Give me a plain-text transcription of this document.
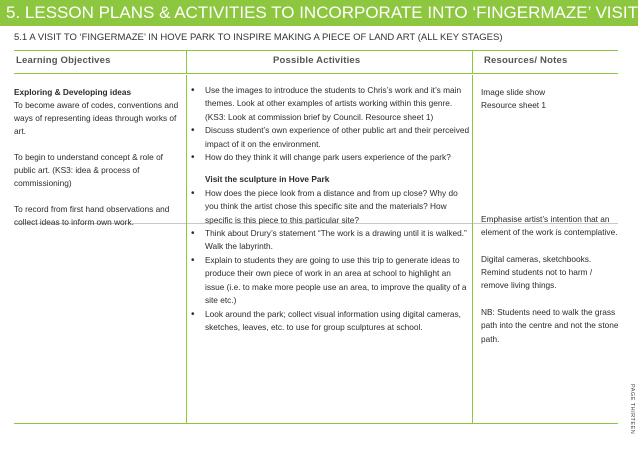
5. LESSON PLANS & ACTIVITIES TO INCORPORATE INTO ‘FINGERMAZE’ VISIT
5.1 A VISIT TO ‘FINGERMAZE’ IN HOVE PARK TO INSPIRE MAKING A PIECE OF LAND ART (ALL KEY STAGES)
Learning Objectives	Possible Activities	Resources/ Notes

Exploring & Developing ideas
To become aware of codes, conventions and ways of representing ideas through works of art.

To begin to understand concept & role of public art. (KS3: idea & process of commissioning)

To record from first hand observations and collect ideas to inform own work.

• Use the images to introduce the students to Chris’s work and it’s main themes. Look at other examples of artists working within this genre. (KS3: Look at commission brief by Council. Resource sheet 1)
• Discuss student’s own experience of other public art and their perceived impact of it on the environment.
• How do they think it will change park users experience of the park?
Visit the sculpture in Hove Park
• How does the piece look from a distance and from up close? Why do you think the artist chose this specific site and the materials? How specific is this piece to this particular site?
• Think about Drury’s statement “The work is a drawing until it is walked.” Walk the labyrinth.
• Explain to students they are going to use this trip to generate ideas to produce their own piece of work in an area at school to highlight an issue (i.e. to make more people use an area, to improve the quality of a site etc.)
• Look around the park; collect visual information using digital cameras, sketches, leaves, etc. to use for group sculptures at school.

Image slide show
Resource sheet 1

Emphasise artist’s intention that an element of the work is contemplative.

Digital cameras, sketchbooks. Remind students not to harm / remove living things.

NB: Students need to walk the grass path into the centre and not the stone path.

PAGE THIRTEEN
